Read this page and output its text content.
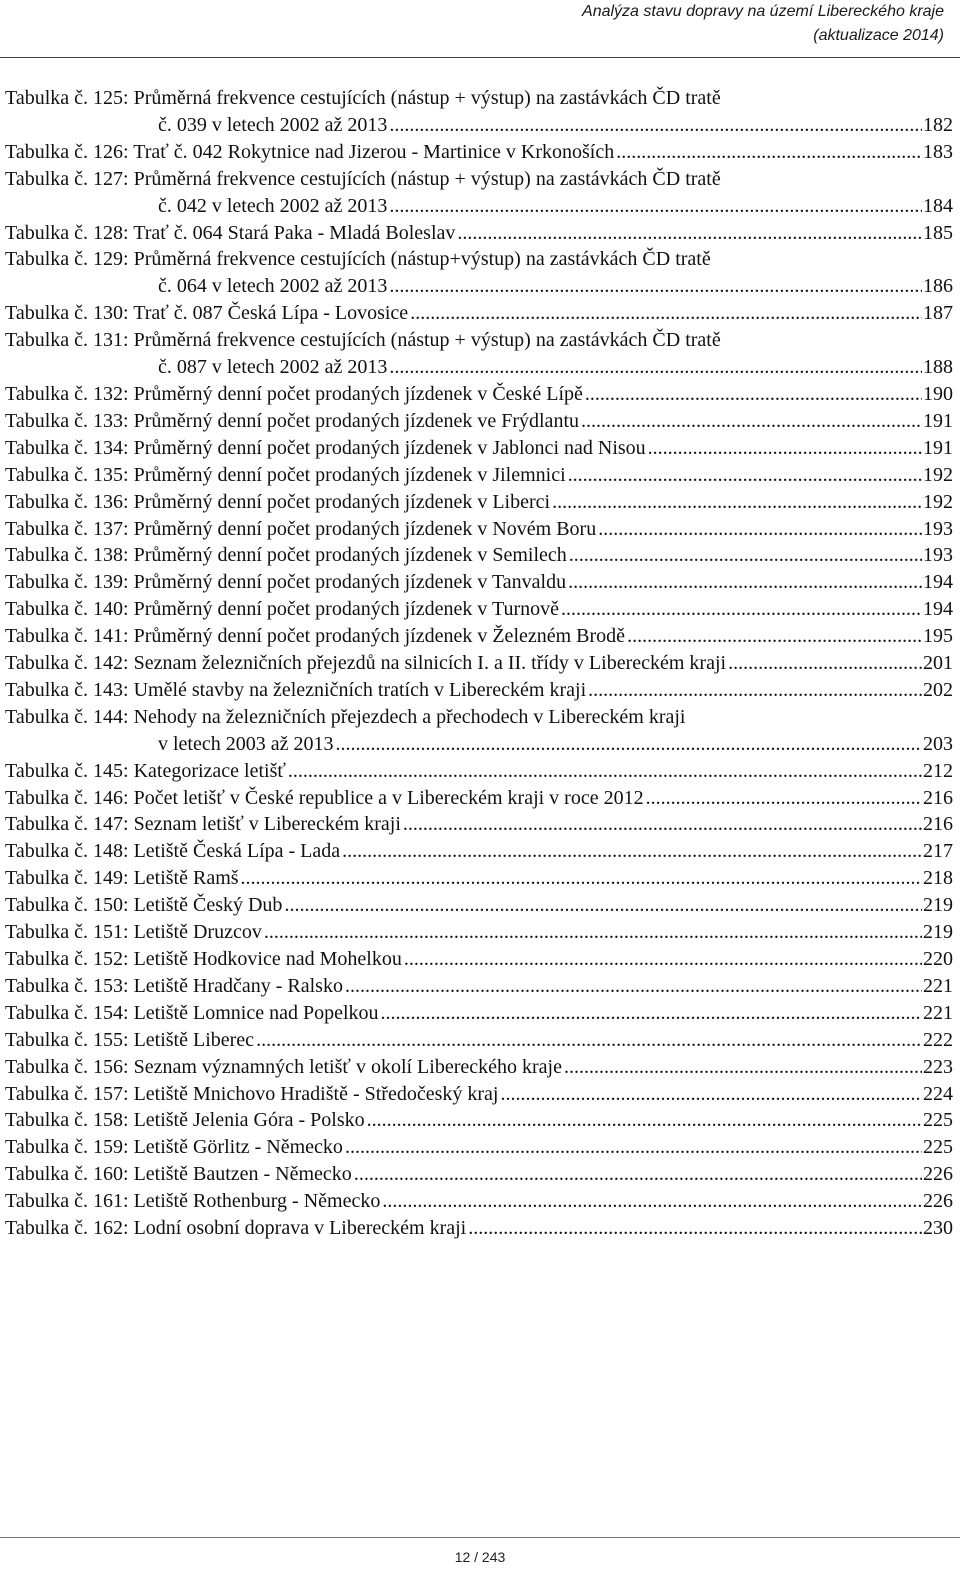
Analýza stavu dopravy na území Libereckého kraje
(aktualizace 2014)
Tabulka č. 125: Průměrná frekvence cestujících (nástup + výstup) na zastávkách ČD tratě
č. 039 v letech 2002 až 2013 .....	182
Tabulka č. 126: Trať č. 042 Rokytnice nad Jizerou - Martinice v Krkonoších .....	183
Tabulka č. 127: Průměrná frekvence cestujících (nástup + výstup) na zastávkách ČD tratě
č. 042 v letech 2002 až 2013 .....	184
Tabulka č. 128: Trať č. 064 Stará Paka - Mladá Boleslav .....	185
Tabulka č. 129: Průměrná frekvence cestujících (nástup+výstup) na zastávkách ČD tratě
č. 064 v letech 2002 až 2013 .....	186
Tabulka č. 130: Trať č. 087 Česká Lípa - Lovosice .....	187
Tabulka č. 131: Průměrná frekvence cestujících (nástup + výstup) na zastávkách ČD tratě
č. 087 v letech 2002 až 2013 .....	188
Tabulka č. 132: Průměrný denní počet prodaných jízdenek v České Lípě .....	190
Tabulka č. 133: Průměrný denní počet prodaných jízdenek ve Frýdlantu .....	191
Tabulka č. 134: Průměrný denní počet prodaných jízdenek v Jablonci nad Nisou .....	191
Tabulka č. 135: Průměrný denní počet prodaných jízdenek v Jilemnici .....	192
Tabulka č. 136: Průměrný denní počet prodaných jízdenek v Liberci .....	192
Tabulka č. 137: Průměrný denní počet prodaných jízdenek v Novém Boru .....	193
Tabulka č. 138: Průměrný denní počet prodaných jízdenek v Semilech .....	193
Tabulka č. 139: Průměrný denní počet prodaných jízdenek v Tanvaldu .....	194
Tabulka č. 140: Průměrný denní počet prodaných jízdenek v Turnově .....	194
Tabulka č. 141: Průměrný denní počet prodaných jízdenek v Železném Brodě .....	195
Tabulka č. 142: Seznam železničních přejezdů na silnicích I. a II. třídy v Libereckém kraji .....	201
Tabulka č. 143: Umělé stavby na železničních tratích v Libereckém kraji .....	202
Tabulka č. 144: Nehody na železničních přejezdech a přechodech v Libereckém kraji
v letech 2003 až 2013 .....	203
Tabulka č. 145: Kategorizace letišť .....	212
Tabulka č. 146: Počet letišť v České republice a v Libereckém kraji v roce 2012 .....	216
Tabulka č. 147: Seznam letišť v Libereckém kraji .....	216
Tabulka č. 148: Letiště Česká Lípa - Lada .....	217
Tabulka č. 149: Letiště Ramš .....	218
Tabulka č. 150: Letiště Český Dub .....	219
Tabulka č. 151: Letiště Druzcov .....	219
Tabulka č. 152: Letiště Hodkovice nad Mohelkou .....	220
Tabulka č. 153: Letiště Hradčany - Ralsko .....	221
Tabulka č. 154: Letiště Lomnice nad Popelkou .....	221
Tabulka č. 155: Letiště Liberec .....	222
Tabulka č. 156: Seznam významných letišť v okolí Libereckého kraje .....	223
Tabulka č. 157: Letiště Mnichovo Hradiště - Středočeský kraj .....	224
Tabulka č. 158: Letiště Jelenia Góra - Polsko .....	225
Tabulka č. 159: Letiště Görlitz - Německo .....	225
Tabulka č. 160: Letiště Bautzen - Německo .....	226
Tabulka č. 161: Letiště Rothenburg - Německo .....	226
Tabulka č. 162: Lodní osobní doprava v Libereckém kraji .....	230
12 / 243
